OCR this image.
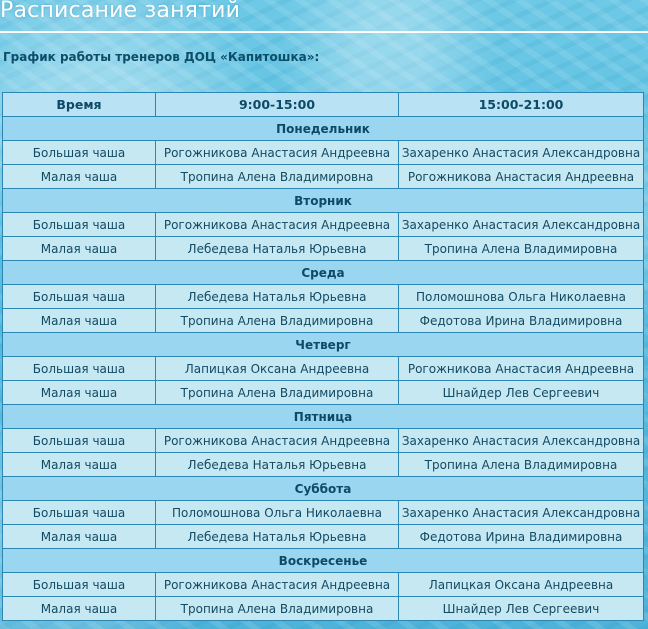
Расписание занятий

График работы тренеров ДОЦ «Капитошка»:

Время	9:00-15:00	15:00-21:00
Понедельник		
Большая чаша	Рогожникова Анастасия Андреевна	Захаренко Анастасия Александровна
Малая чаша	Тропина Алена Владимировна	Рогожникова Анастасия Андреевна
Вторник		
Большая чаша	Рогожникова Анастасия Андреевна	Захаренко Анастасия Александровна
Малая чаша	Лебедева Наталья Юрьевна	Тропина Алена Владимировна
Среда		
Большая чаша	Лебедева Наталья Юрьевна	Поломошнова Ольга Николаевна
Малая чаша	Тропина Алена Владимировна	Федотова Ирина Владимировна
Четверг		
Большая чаша	Лапицкая Оксана Андреевна	Рогожникова Анастасия Андреевна
Малая чаша	Тропина Алена Владимировна	Шнайдер Лев Сергеевич
Пятница		
Большая чаша	Рогожникова Анастасия Андреевна	Захаренко Анастасия Александровна
Малая чаша	Лебедева Наталья Юрьевна	Тропина Алена Владимировна
Суббота		
Большая чаша	Поломошнова Ольга Николаевна	Захаренко Анастасия Александровна
Малая чаша	Лебедева Наталья Юрьевна	Федотова Ирина Владимировна
Воскресенье		
Большая чаша	Рогожникова Анастасия Андреевна	Лапицкая Оксана Андреевна
Малая чаша	Тропина Алена Владимировна	Шнайдер Лев Сергеевич
